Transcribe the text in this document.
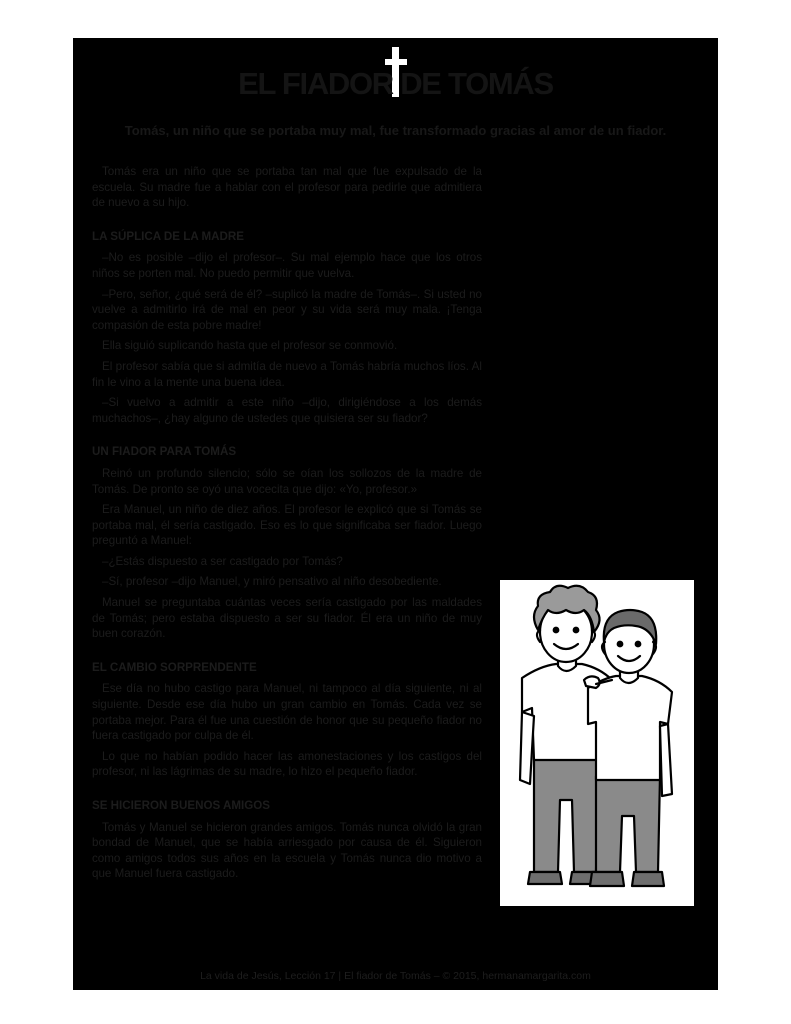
EL FIADOR DE TOMÁS
Tomás, un niño que se portaba muy mal, fue transformado gracias al amor de un fiador.

Tomás era un niño que se portaba tan mal que fue expulsado de la escuela. Su madre fue a hablar con el profesor para pedirle que admitiera de nuevo a su hijo.

LA SÚPLICA DE LA MADRE

–No es posible –dijo el profesor–. Su mal ejemplo hace que los otros niños se porten mal. No puedo permitir que vuelva.

–Pero, señor, ¿qué será de él? –suplicó la madre de Tomás–. Si usted no vuelve a admitirlo irá de mal en peor y su vida será muy mala. ¡Tenga compasión de esta pobre madre!

Ella siguió suplicando hasta que el profesor se conmovió.

El profesor sabía que si admitía de nuevo a Tomás habría muchos líos. Al fin le vino a la mente una buena idea.

–Si vuelvo a admitir a este niño –dijo, dirigiéndose a los demás muchachos–, ¿hay alguno de ustedes que quisiera ser su fiador?

UN FIADOR PARA TOMÁS

Reinó un profundo silencio; sólo se oían los sollozos de la madre de Tomás. De pronto se oyó una vocecita que dijo: «Yo, profesor.»

Era Manuel, un niño de diez años. El profesor le explicó que si Tomás se portaba mal, él sería castigado. Eso es lo que significaba ser fiador. Luego preguntó a Manuel:

–¿Estás dispuesto a ser castigado por Tomás?

–Sí, profesor –dijo Manuel, y miró pensativo al niño desobediente.

Manuel se preguntaba cuántas veces sería castigado por las maldades de Tomás; pero estaba dispuesto a ser su fiador. Él era un niño de muy buen corazón.

EL CAMBIO SORPRENDENTE

Ese día no hubo castigo para Manuel, ni tampoco al día siguiente, ni al siguiente. Desde ese día hubo un gran cambio en Tomás. Cada vez se portaba mejor. Para él fue una cuestión de honor que su pequeño fiador no fuera castigado por culpa de él.

Lo que no habían podido hacer las amonestaciones y los castigos del profesor, ni las lágrimas de su madre, lo hizo el pequeño fiador.

SE HICIERON BUENOS AMIGOS

Tomás y Manuel se hicieron grandes amigos. Tomás nunca olvidó la gran bondad de Manuel, que se había arriesgado por causa de él. Siguieron como amigos todos sus años en la escuela y Tomás nunca dio motivo a que Manuel fuera castigado.

La vida de Jesús, Lección 17 | El fiador de Tomás – © 2015, hermanamargarita.com
